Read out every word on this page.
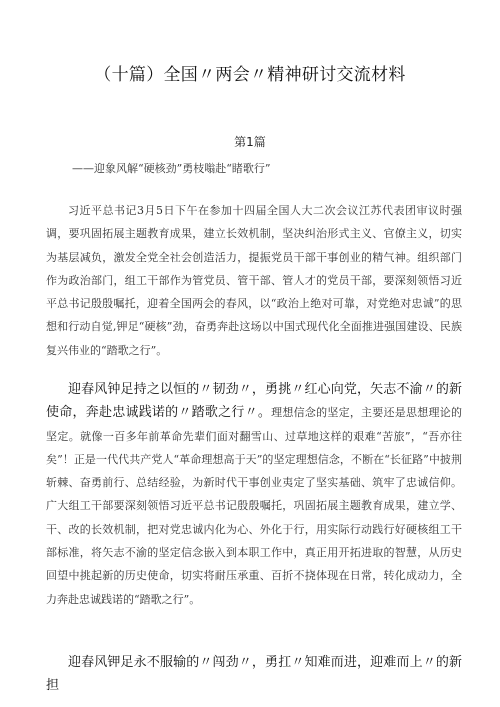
（十篇）全国〃两会〃精神研讨交流材料
第1篇
——迎象风解“硬核劲”勇枝嗡赴“睹歌行”

习近平总书记3月5日下午在参加十四届全国人大二次会议江苏代表团审议时强调，要巩固拓展主题教育成果，建立长效机制，坚决纠治形式主义、官僚主义，切实为基层减负，激发全党全社会创造活力，提振党员干部干事创业的精气神。组织部门作为政治部门，组工干部作为管党员、管干部、管人才的党员干部，要深刻领悟习近平总书记殷殷嘱托，迎着全国两会的春风，以“政治上绝对可靠，对党绝对忠诚”的思想和行动自觉,钾足“硬核”劲，奋勇奔赴这场以中国式现代化全面推进强国建设、民族复兴伟业的“踏歌之行”。

迎春风钟足持之以恒的〃韧劲〃，勇挑〃红心向党，矢志不渝〃的新使命，奔赴忠诚践诺的〃踏歌之行〃。理想信念的坚定，主要还是思想理论的坚定。就像一百多年前革命先辈们面对翻雪山、过草地这样的艰难“苦旅”，“吾亦往矣”！正是一代代共产党人“革命理想高于天”的坚定理想信念，不断在“长征路”中披荆斩棘、奋勇前行、总结经验，为新时代干事创业夷定了坚实基础、筑牢了忠诚信仰。广大组工干部要深刻领悟习近平总书记殷殷嘱托，巩固拓展主题教育成果，建立学、干、改的长效机制，把对党忠诚内化为心、外化于行，用实际行动践行好硬核组工干部标准，将矢志不渝的坚定信念嵌入到本职工作中，真正用开拓进取的智慧，从历史回望中挑起新的历史使命，切实将耐压承重、百折不挠体现在日常，转化成动力，全力奔赴忠诚践诺的“踏歌之行”。

迎春风钾足永不服输的〃闯劲〃，勇扛〃知难而进，迎难而上〃的新担
